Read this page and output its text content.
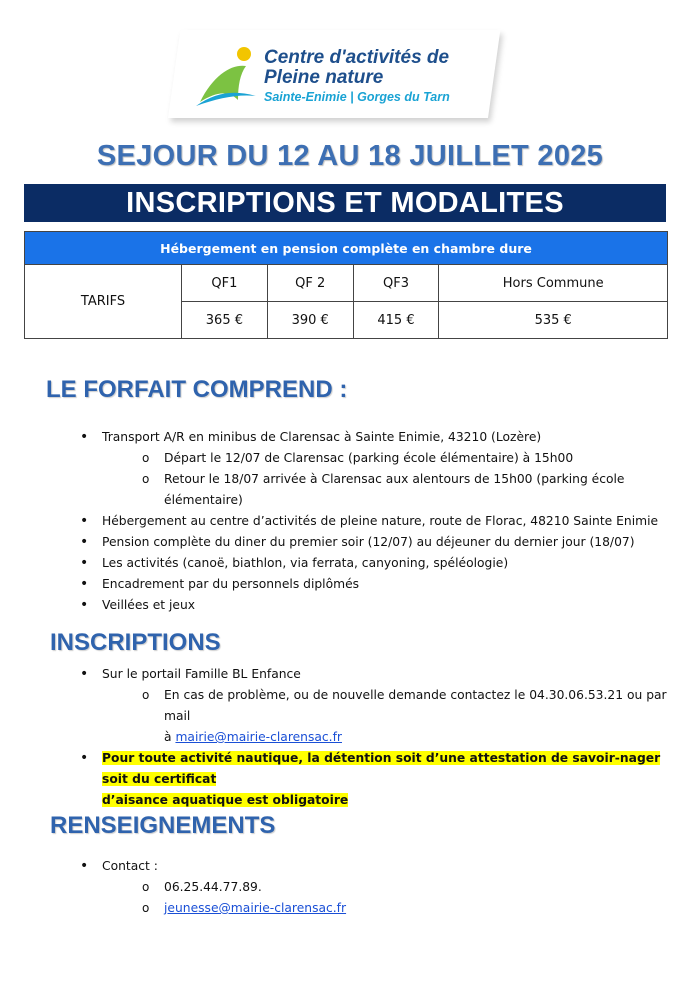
Centre d'activités de
Pleine nature
Sainte-Enimie | Gorges du Tarn
SEJOUR DU 12 AU 18 JUILLET 2025
INSCRIPTIONS ET MODALITES
Hébergement en pension complète en chambre dure				
TARIFS	QF1	QF 2	QF3	Hors Commune
	365 €	390 €	415 €	535 €
LE FORFAIT COMPREND :
• Transport A/R en minibus de Clarensac à Sainte Enimie, 43210 (Lozère)
o Départ le 12/07 de Clarensac (parking école élémentaire) à 15h00
o Retour le 18/07 arrivée à Clarensac aux alentours de 15h00 (parking école élémentaire)
• Hébergement au centre d’activités de pleine nature, route de Florac, 48210 Sainte Enimie
• Pension complète du diner du premier soir (12/07) au déjeuner du dernier jour (18/07)
• Les activités (canoë, biathlon, via ferrata, canyoning, spéléologie)
• Encadrement par du personnels diplômés
• Veillées et jeux
INSCRIPTIONS
• Sur le portail Famille BL Enfance
o En cas de problème, ou de nouvelle demande contactez le 04.30.06.53.21 ou par mail
à mairie@mairie-clarensac.fr
• Pour toute activité nautique, la détention soit d’une attestation de savoir-nager soit du certificat
d’aisance aquatique est obligatoire
RENSEIGNEMENTS
• Contact :
o 06.25.44.77.89.
o jeunesse@mairie-clarensac.fr
